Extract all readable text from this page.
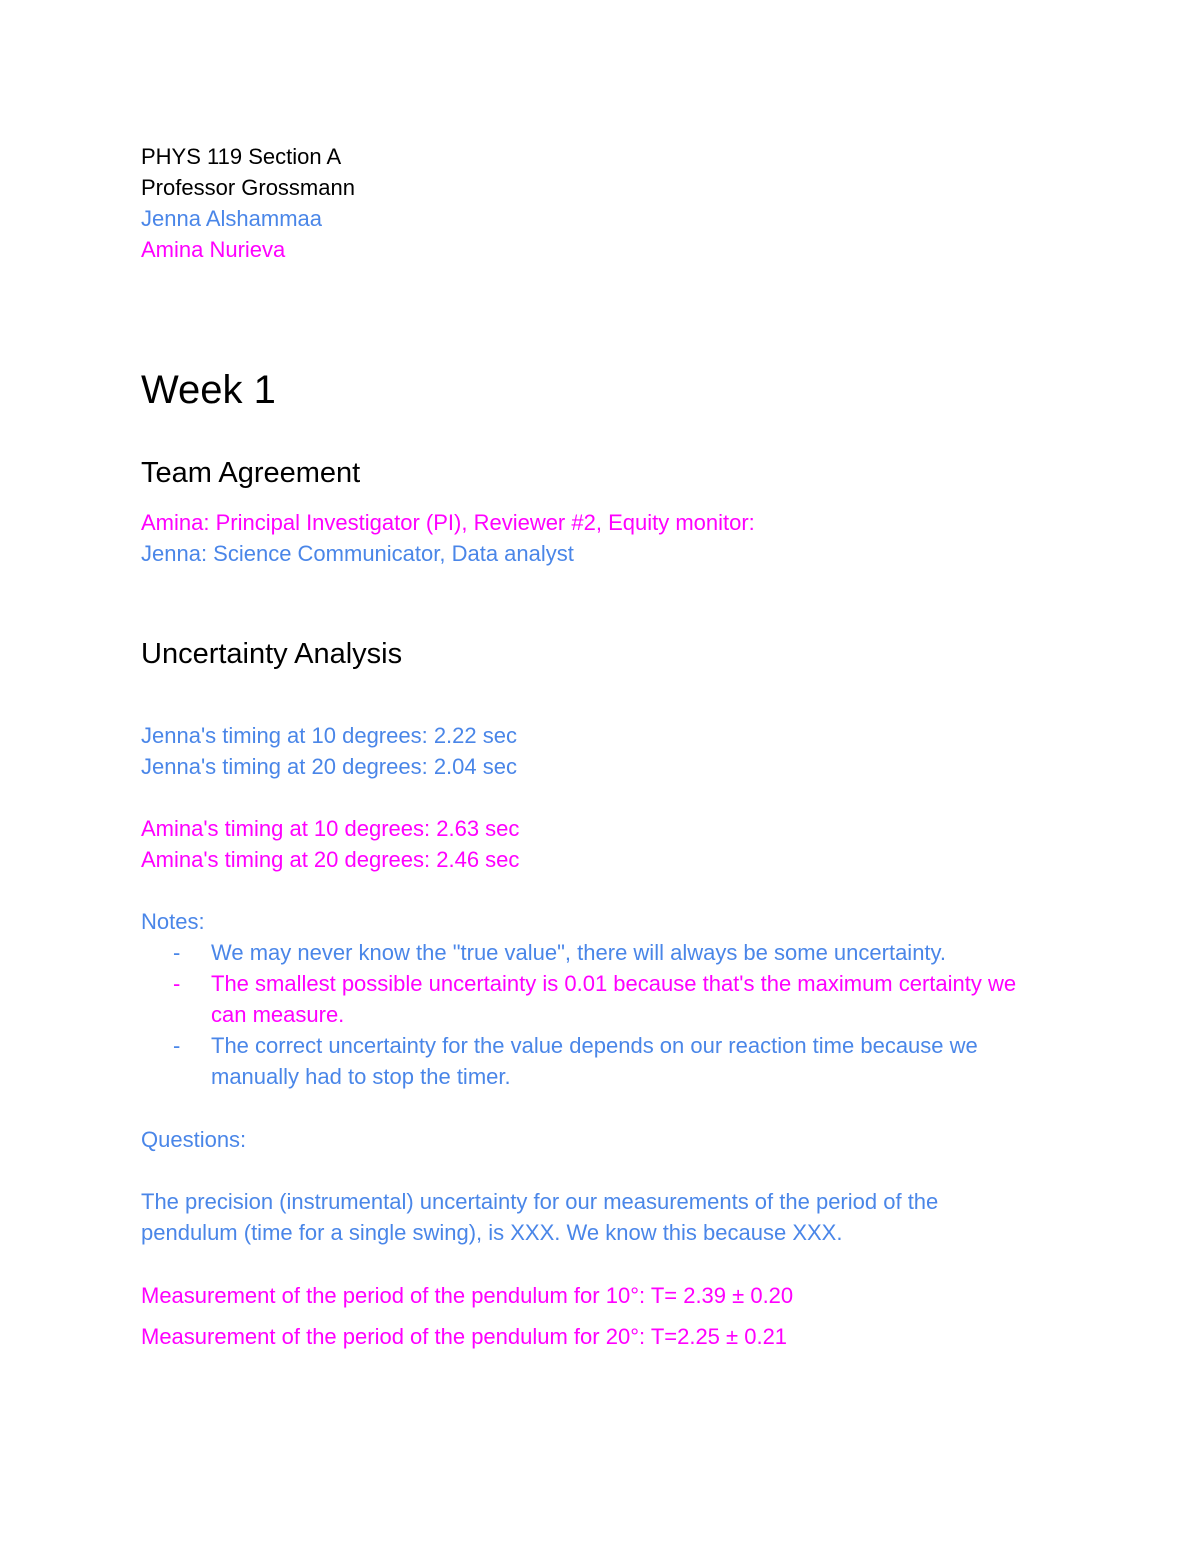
PHYS 119 Section A
Professor Grossmann
Jenna Alshammaa
Amina Nurieva
Week 1
Team Agreement
Amina: Principal Investigator (PI), Reviewer #2, Equity monitor:
Jenna: Science Communicator, Data analyst
Uncertainty Analysis
Jenna's timing at 10 degrees: 2.22 sec
Jenna's timing at 20 degrees: 2.04 sec
Amina's timing at 10 degrees: 2.63 sec
Amina's timing at 20 degrees: 2.46 sec
Notes:
- We may never know the "true value", there will always be some uncertainty.
- The smallest possible uncertainty is 0.01 because that's the maximum certainty we can measure.
- The correct uncertainty for the value depends on our reaction time because we manually had to stop the timer.
Questions:
The precision (instrumental) uncertainty for our measurements of the period of the pendulum (time for a single swing), is XXX. We know this because XXX.
Measurement of the period of the pendulum for 10°: T= 2.39 ± 0.20
Measurement of the period of the pendulum for 20°: T=2.25 ± 0.21
